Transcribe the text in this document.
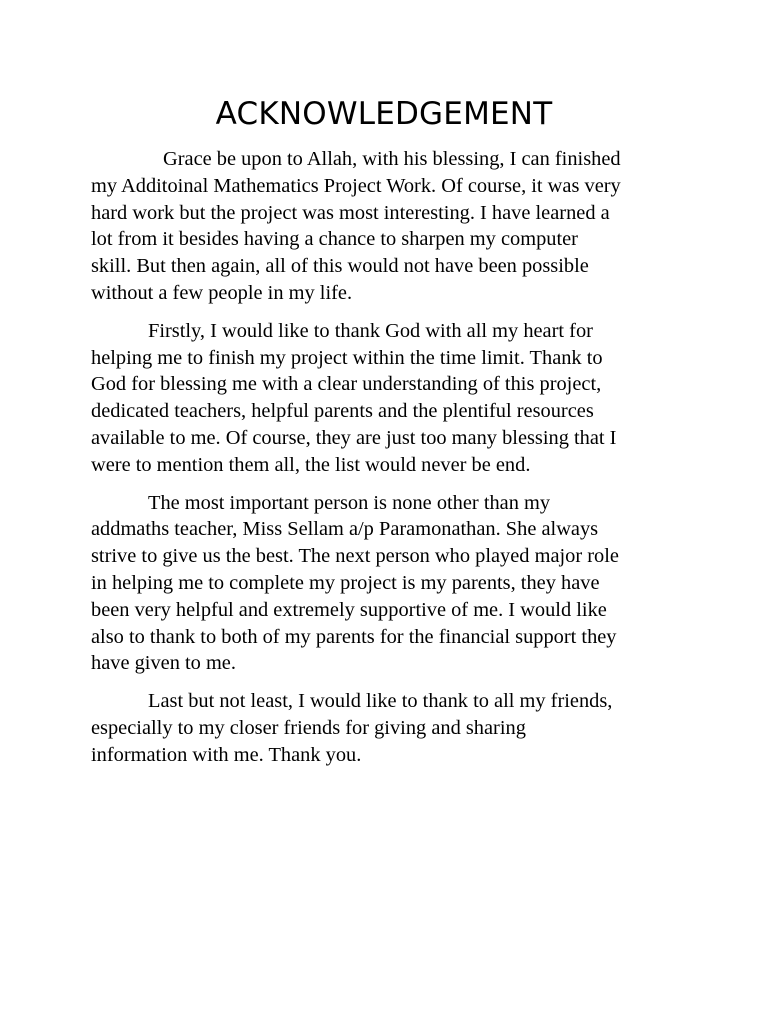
ACKNOWLEDGEMENT

Grace be upon to Allah, with his blessing, I can finished
my Additoinal Mathematics Project Work. Of course, it was very
hard work but the project was most interesting. I have learned a
lot from it besides having a chance to sharpen my computer
skill. But then again, all of this would not have been possible
without a few people in my life.

Firstly, I would like to thank God with all my heart for
helping me to finish my project within the time limit. Thank to
God for blessing me with a clear understanding of this project,
dedicated teachers, helpful parents and the plentiful resources
available to me. Of course, they are just too many blessing that I
were to mention them all, the list would never be end.

The most important person is none other than my
addmaths teacher, Miss Sellam a/p Paramonathan. She always
strive to give us the best. The next person who played major role
in helping me to complete my project is my parents, they have
been very helpful and extremely supportive of me. I would like
also to thank to both of my parents for the financial support they
have given to me.

Last but not least, I would like to thank to all my friends,
especially to my closer friends for giving and sharing
information with me. Thank you.
